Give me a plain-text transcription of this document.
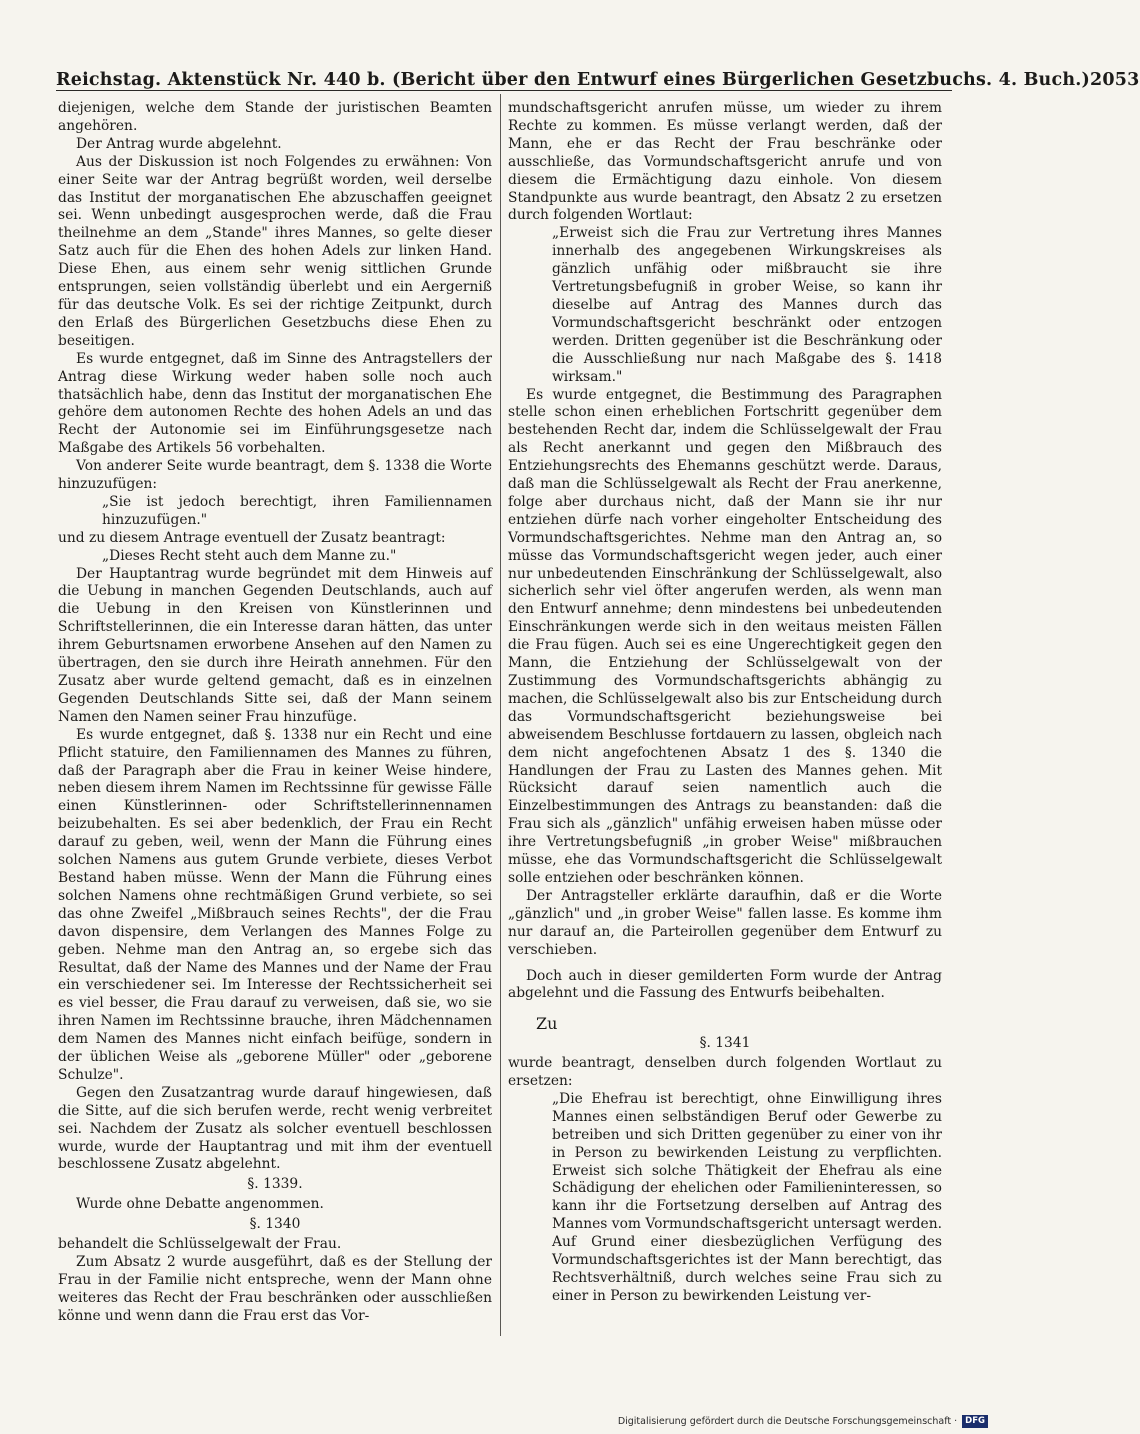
Reichstag. Aktenstück Nr. 440 b. (Bericht über den Entwurf eines Bürgerlichen Gesetzbuchs. 4. Buch.) 2053

diejenigen, welche dem Stande der juristischen Beamten angehören.

Der Antrag wurde abgelehnt.

Aus der Diskussion ist noch Folgendes zu erwähnen: Von einer Seite war der Antrag begrüßt worden, weil derselbe das Institut der morganatischen Ehe abzuschaffen geeignet sei. Wenn unbedingt ausgesprochen werde, daß die Frau theilnehme an dem „Stande" ihres Mannes, so gelte dieser Satz auch für die Ehen des hohen Adels zur linken Hand. Diese Ehen, aus einem sehr wenig sittlichen Grunde entsprungen, seien vollständig überlebt und ein Aergerniß für das deutsche Volk. Es sei der richtige Zeitpunkt, durch den Erlaß des Bürgerlichen Gesetzbuchs diese Ehen zu beseitigen.

Es wurde entgegnet, daß im Sinne des Antragstellers der Antrag diese Wirkung weder haben solle noch auch thatsächlich habe, denn das Institut der morganatischen Ehe gehöre dem autonomen Rechte des hohen Adels an und das Recht der Autonomie sei im Einführungsgesetze nach Maßgabe des Artikels 56 vorbehalten.

Von anderer Seite wurde beantragt, dem §. 1338 die Worte hinzuzufügen:

„Sie ist jedoch berechtigt, ihren Familiennamen hinzuzufügen."

und zu diesem Antrage eventuell der Zusatz beantragt:

„Dieses Recht steht auch dem Manne zu."

Der Hauptantrag wurde begründet mit dem Hinweis auf die Uebung in manchen Gegenden Deutschlands, auch auf die Uebung in den Kreisen von Künstlerinnen und Schriftstellerinnen, die ein Interesse daran hätten, das unter ihrem Geburtsnamen erworbene Ansehen auf den Namen zu übertragen, den sie durch ihre Heirath annehmen. Für den Zusatz aber wurde geltend gemacht, daß es in einzelnen Gegenden Deutschlands Sitte sei, daß der Mann seinem Namen den Namen seiner Frau hinzufüge.

Es wurde entgegnet, daß §. 1338 nur ein Recht und eine Pflicht statuire, den Familiennamen des Mannes zu führen, daß der Paragraph aber die Frau in keiner Weise hindere, neben diesem ihrem Namen im Rechtssinne für gewisse Fälle einen Künstlerinnen- oder Schriftstellerinnennamen beizubehalten. Es sei aber bedenklich, der Frau ein Recht darauf zu geben, weil, wenn der Mann die Führung eines solchen Namens aus gutem Grunde verbiete, dieses Verbot Bestand haben müsse. Wenn der Mann die Führung eines solchen Namens ohne rechtmäßigen Grund verbiete, so sei das ohne Zweifel „Mißbrauch seines Rechts", der die Frau davon dispensire, dem Verlangen des Mannes Folge zu geben. Nehme man den Antrag an, so ergebe sich das Resultat, daß der Name des Mannes und der Name der Frau ein verschiedener sei. Im Interesse der Rechtssicherheit sei es viel besser, die Frau darauf zu verweisen, daß sie, wo sie ihren Namen im Rechtssinne brauche, ihren Mädchennamen dem Namen des Mannes nicht einfach beifüge, sondern in der üblichen Weise als „geborene Müller" oder „geborene Schulze".

Gegen den Zusatzantrag wurde darauf hingewiesen, daß die Sitte, auf die sich berufen werde, recht wenig verbreitet sei. Nachdem der Zusatz als solcher eventuell beschlossen wurde, wurde der Hauptantrag und mit ihm der eventuell beschlossene Zusatz abgelehnt.

§. 1339.

Wurde ohne Debatte angenommen.

§. 1340

behandelt die Schlüsselgewalt der Frau.

Zum Absatz 2 wurde ausgeführt, daß es der Stellung der Frau in der Familie nicht entspreche, wenn der Mann ohne weiteres das Recht der Frau beschränken oder ausschließen könne und wenn dann die Frau erst das Vor-

mundschaftsgericht anrufen müsse, um wieder zu ihrem Rechte zu kommen. Es müsse verlangt werden, daß der Mann, ehe er das Recht der Frau beschränke oder ausschließe, das Vormundschaftsgericht anrufe und von diesem die Ermächtigung dazu einhole. Von diesem Standpunkte aus wurde beantragt, den Absatz 2 zu ersetzen durch folgenden Wortlaut:

„Erweist sich die Frau zur Vertretung ihres Mannes innerhalb des angegebenen Wirkungskreises als gänzlich unfähig oder mißbraucht sie ihre Vertretungsbefugniß in grober Weise, so kann ihr dieselbe auf Antrag des Mannes durch das Vormundschaftsgericht beschränkt oder entzogen werden. Dritten gegenüber ist die Beschränkung oder die Ausschließung nur nach Maßgabe des §. 1418 wirksam."

Es wurde entgegnet, die Bestimmung des Paragraphen stelle schon einen erheblichen Fortschritt gegenüber dem bestehenden Recht dar, indem die Schlüsselgewalt der Frau als Recht anerkannt und gegen den Mißbrauch des Entziehungsrechts des Ehemanns geschützt werde. Daraus, daß man die Schlüsselgewalt als Recht der Frau anerkenne, folge aber durchaus nicht, daß der Mann sie ihr nur entziehen dürfe nach vorher eingeholter Entscheidung des Vormundschaftsgerichtes. Nehme man den Antrag an, so müsse das Vormundschaftsgericht wegen jeder, auch einer nur unbedeutenden Einschränkung der Schlüsselgewalt, also sicherlich sehr viel öfter angerufen werden, als wenn man den Entwurf annehme; denn mindestens bei unbedeutenden Einschränkungen werde sich in den weitaus meisten Fällen die Frau fügen. Auch sei es eine Ungerechtigkeit gegen den Mann, die Entziehung der Schlüsselgewalt von der Zustimmung des Vormundschaftsgerichts abhängig zu machen, die Schlüsselgewalt also bis zur Entscheidung durch das Vormundschaftsgericht beziehungsweise bei abweisendem Beschlusse fortdauern zu lassen, obgleich nach dem nicht angefochtenen Absatz 1 des §. 1340 die Handlungen der Frau zu Lasten des Mannes gehen. Mit Rücksicht darauf seien namentlich auch die Einzelbestimmungen des Antrags zu beanstanden: daß die Frau sich als „gänzlich" unfähig erweisen haben müsse oder ihre Vertretungsbefugniß „in grober Weise" mißbrauchen müsse, ehe das Vormundschaftsgericht die Schlüsselgewalt solle entziehen oder beschränken können.

Der Antragsteller erklärte daraufhin, daß er die Worte „gänzlich" und „in grober Weise" fallen lasse. Es komme ihm nur darauf an, die Parteirollen gegenüber dem Entwurf zu verschieben.

Doch auch in dieser gemilderten Form wurde der Antrag abgelehnt und die Fassung des Entwurfs beibehalten.

Zu

§. 1341

wurde beantragt, denselben durch folgenden Wortlaut zu ersetzen:

„Die Ehefrau ist berechtigt, ohne Einwilligung ihres Mannes einen selbständigen Beruf oder Gewerbe zu betreiben und sich Dritten gegenüber zu einer von ihr in Person zu bewirkenden Leistung zu verpflichten. Erweist sich solche Thätigkeit der Ehefrau als eine Schädigung der ehelichen oder Familieninteressen, so kann ihr die Fortsetzung derselben auf Antrag des Mannes vom Vormundschaftsgericht untersagt werden. Auf Grund einer diesbezüglichen Verfügung des Vormundschaftsgerichtes ist der Mann berechtigt, das Rechtsverhältniß, durch welches seine Frau sich zu einer in Person zu bewirkenden Leistung ver-

Digitalisierung gefördert durch die Deutsche Forschungsgemeinschaft · DFG
